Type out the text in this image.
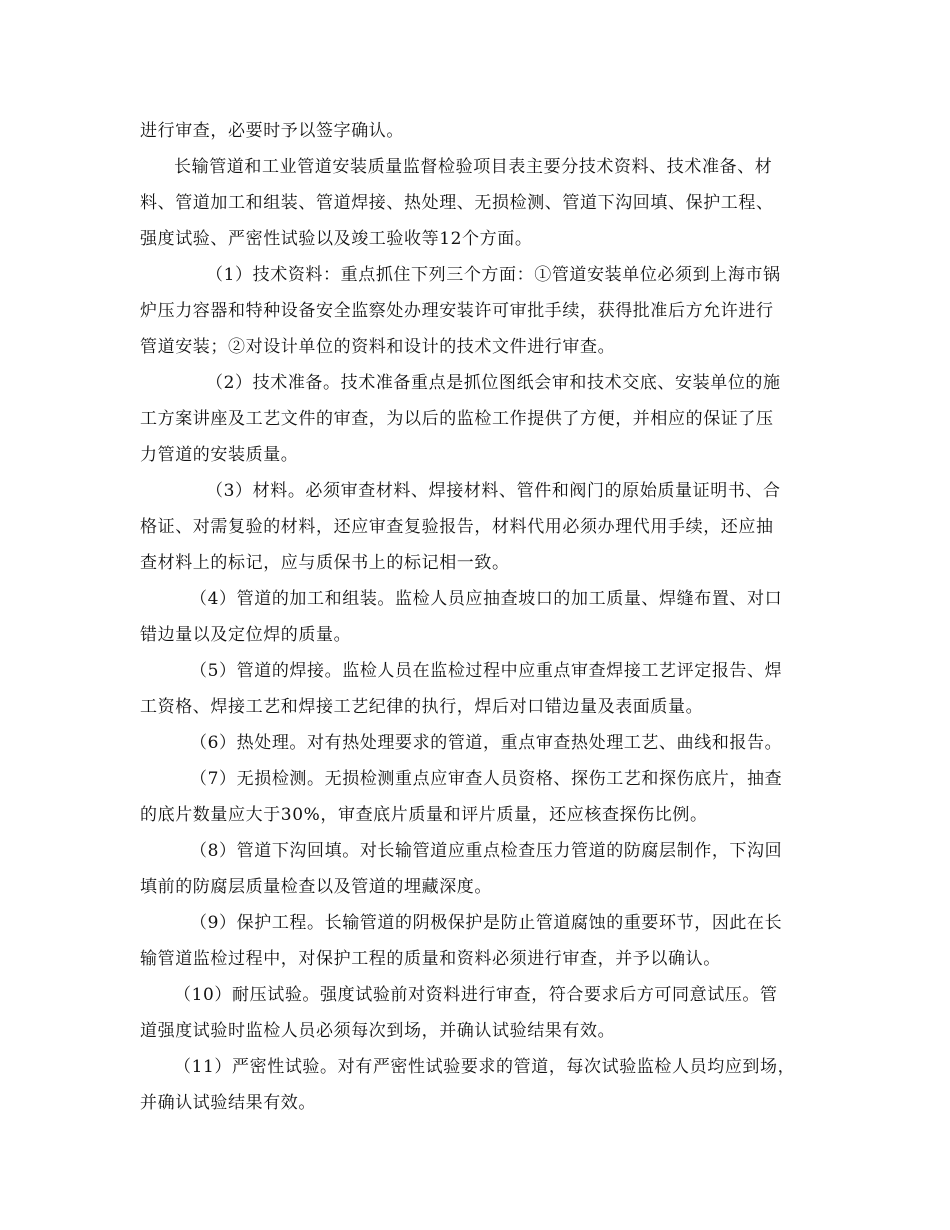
进行审查，必要时予以签字确认。
长输管道和工业管道安装质量监督检验项目表主要分技术资料、技术准备、材
料、管道加工和组装、管道焊接、热处理、无损检测、管道下沟回填、保护工程、
强度试验、严密性试验以及竣工验收等12个方面。
（1）技术资料：重点抓住下列三个方面：①管道安装单位必须到上海市锅
炉压力容器和特种设备安全监察处办理安装许可审批手续，获得批准后方允许进行
管道安装；②对设计单位的资料和设计的技术文件进行审查。
（2）技术准备。技术准备重点是抓位图纸会审和技术交底、安装单位的施
工方案讲座及工艺文件的审查，为以后的监检工作提供了方便，并相应的保证了压
力管道的安装质量。
（3）材料。必须审查材料、焊接材料、管件和阀门的原始质量证明书、合
格证、对需复验的材料，还应审查复验报告，材料代用必须办理代用手续，还应抽
查材料上的标记，应与质保书上的标记相一致。
（4）管道的加工和组装。监检人员应抽查坡口的加工质量、焊缝布置、对口
错边量以及定位焊的质量。
（5）管道的焊接。监检人员在监检过程中应重点审查焊接工艺评定报告、焊
工资格、焊接工艺和焊接工艺纪律的执行，焊后对口错边量及表面质量。
（6）热处理。对有热处理要求的管道，重点审查热处理工艺、曲线和报告。
（7）无损检测。无损检测重点应审查人员资格、探伤工艺和探伤底片，抽查
的底片数量应大于30%，审查底片质量和评片质量，还应核查探伤比例。
（8）管道下沟回填。对长输管道应重点检查压力管道的防腐层制作，下沟回
填前的防腐层质量检查以及管道的埋藏深度。
（9）保护工程。长输管道的阴极保护是防止管道腐蚀的重要环节，因此在长
输管道监检过程中，对保护工程的质量和资料必须进行审查，并予以确认。
（10）耐压试验。强度试验前对资料进行审查，符合要求后方可同意试压。管
道强度试验时监检人员必须每次到场，并确认试验结果有效。
（11）严密性试验。对有严密性试验要求的管道，每次试验监检人员均应到场，
并确认试验结果有效。
